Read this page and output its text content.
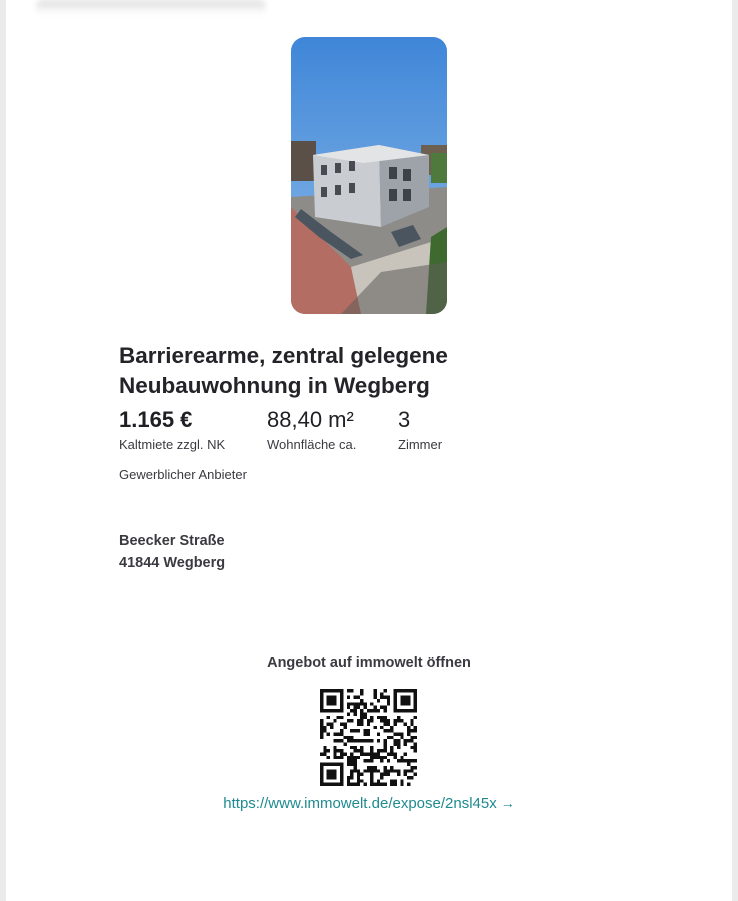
Barrierearme, zentral gelegene
Neubauwohnung in Wegberg
1.165 €
Kaltmiete zzgl. NK
88,40 m²
Wohnfläche ca.
3
Zimmer
Gewerblicher Anbieter
Beecker Straße
41844 Wegberg
Angebot auf immowelt öffnen
https://www.immowelt.de/expose/2nsl45x →
